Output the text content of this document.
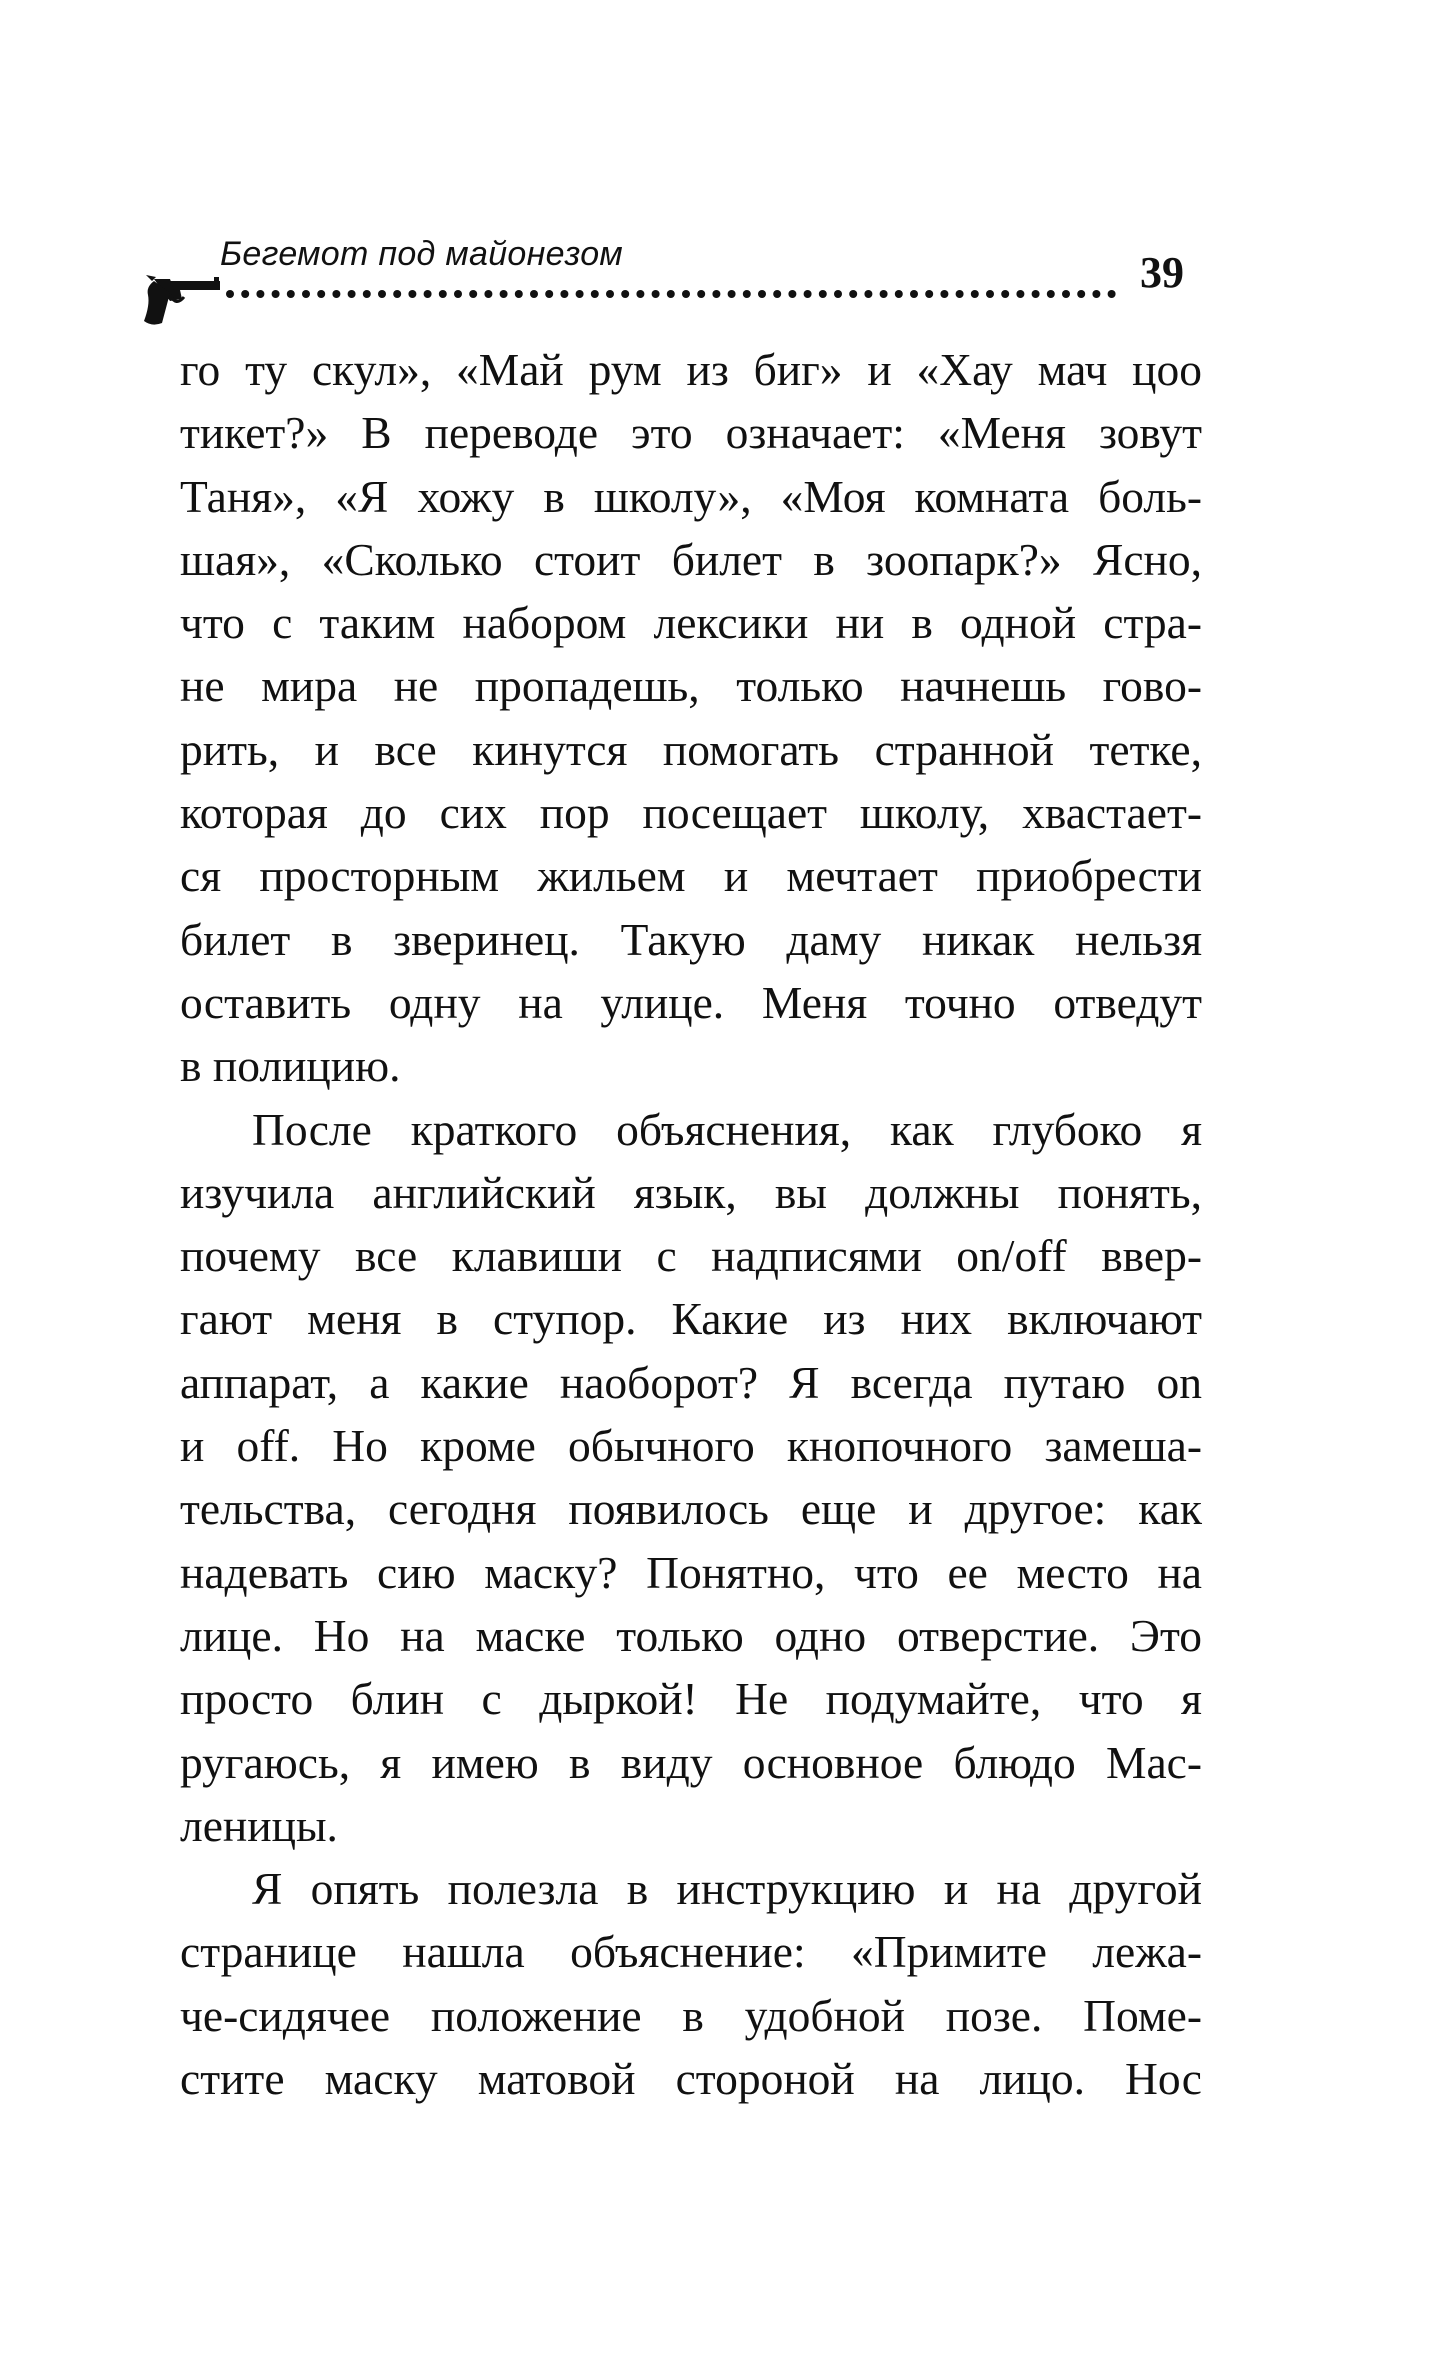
Бегемот под майонезом	39
го ту скул», «Май рум из биг» и «Хау мач цоо
тикет?» В переводе это означает: «Меня зовут
Таня», «Я хожу в школу», «Моя комната боль-
шая», «Сколько стоит билет в зоопарк?» Ясно,
что с таким набором лексики ни в одной стра-
не мира не пропадешь, только начнешь гово-
рить, и все кинутся помогать странной тетке,
которая до сих пор посещает школу, хвастает-
ся просторным жильем и мечтает приобрести
билет в зверинец. Такую даму никак нельзя
оставить одну на улице. Меня точно отведут
в полицию.
После краткого объяснения, как глубоко я
изучила английский язык, вы должны понять,
почему все клавиши с надписями on/off ввер-
гают меня в ступор. Какие из них включают
аппарат, а какие наоборот? Я всегда путаю on
и off. Но кроме обычного кнопочного замеша-
тельства, сегодня появилось еще и другое: как
надевать сию маску? Понятно, что ее место на
лице. Но на маске только одно отверстие. Это
просто блин с дыркой! Не подумайте, что я
ругаюсь, я имею в виду основное блюдо Мас-
леницы.
Я опять полезла в инструкцию и на другой
странице нашла объяснение: «Примите лежа-
че-сидячее положение в удобной позе. Поме-
стите маску матовой стороной на лицо. Нос
